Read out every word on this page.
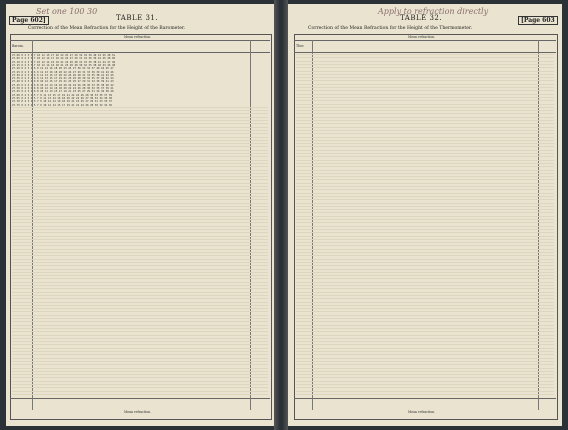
Set one 100 30
Page 602]	TABLE 31.
Correction of the Mean Refraction for the Height of the Barometer.
Barom.
Mean refraction.
Mean refraction.
27.00 0 2 3 5 7 10 12 15 17 20 22 25 27 29 32 34 36 40 43 45 48 51
27.05 0 2 3 5 7 10 12 14 17 19 22 24 27 29 31 34 36 39 42 45 48 50
27.10 0 2 3 5 7 10 12 14 16 19 21 24 26 28 31 33 35 38 41 44 47 49
27.15 0 2 3 5 7 10 12 14 16 18 21 23 26 28 30 32 35 38 40 43 46 48
27.20 0 2 3 4 6 9 11 14 16 18 20 23 25 27 30 32 34 37 40 42 45 47
27.25 0 2 3 4 6 9 11 13 16 18 20 22 24 27 29 31 33 36 39 41 44 46
27.30 0 2 3 4 6 9 11 13 15 17 20 22 24 26 28 31 33 35 38 41 43 45
27.35 0 2 3 4 6 9 11 13 15 17 19 21 23 25 28 30 32 35 37 40 42 44
27.40 0 2 3 4 6 8 10 12 15 17 19 21 23 25 27 29 31 34 36 39 41 43
27.45 0 2 3 4 6 8 10 12 14 16 18 20 22 24 26 28 30 33 35 38 40 42
27.50 0 2 3 4 6 8 10 12 14 16 18 20 22 24 26 28 30 32 35 37 39 41
27.55 0 2 3 4 6 8 10 11 13 15 17 19 21 23 25 27 29 31 34 36 38 40
27.60 0 2 3 4 5 7 9 11 13 15 17 19 21 22 24 26 28 30 33 35 37 39
27.65 0 2 3 4 5 7 9 11 13 14 16 18 20 22 24 26 27 30 32 34 36 38
27.70 0 2 3 4 5 7 9 10 12 14 16 18 19 21 23 25 27 29 31 33 35 37
27.75 0 2 3 4 5 7 9 10 12 14 15 17 19 21 22 24 26 28 30 32 34 36
Apply to refraction directly
[Page 603
TABLE 32.
Correction of the Mean Refraction for the Height of the Thermometer.
Ther.
Mean refraction.
Mean refraction.
